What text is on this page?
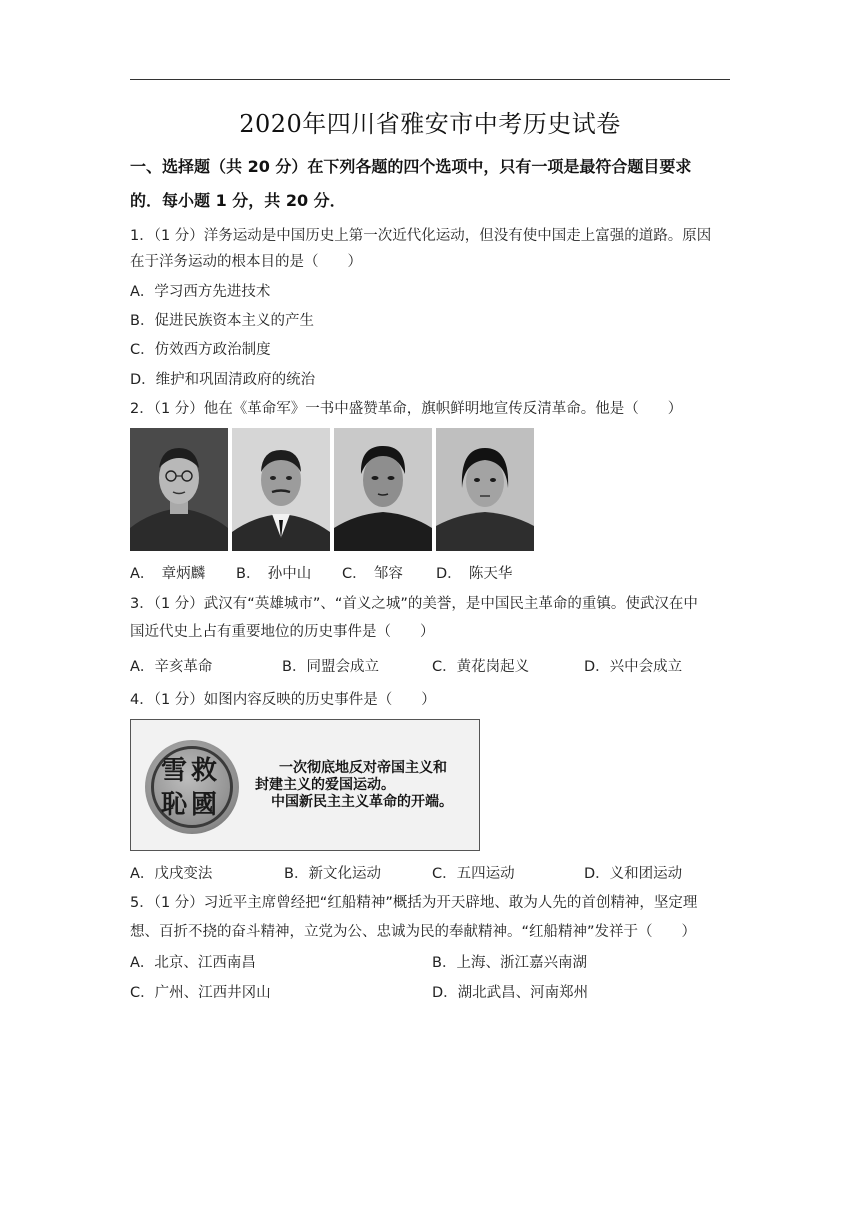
2020年四川省雅安市中考历史试卷
一、选择题（共 20 分）在下列各题的四个选项中，只有一项是最符合题目要求
的．每小题 1 分，共 20 分．
1．（1 分）洋务运动是中国历史上第一次近代化运动，但没有使中国走上富强的道路。原因
在于洋务运动的根本目的是（　　）
A．学习西方先进技术
B．促进民族资本主义的产生
C．仿效西方政治制度
D．维护和巩固清政府的统治
2．（1 分）他在《革命军》一书中盛赞革命，旗帜鲜明地宣传反清革命。他是（　　）
A．　章炳麟 B．　孙中山 C．　邹容 D．　陈天华
3．（1 分）武汉有“英雄城市”、“首义之城”的美誉，是中国民主革命的重镇。使武汉在中
国近代史上占有重要地位的历史事件是（　　）
A．辛亥革命	B．同盟会成立	C．黄花岗起义	D．兴中会成立
4．（1 分）如图内容反映的历史事件是（　　）
雪 救
恥 國
一次彻底地反对帝国主义和
封建主义的爱国运动。
中国新民主主义革命的开端。
A．戊戌变法	B．新文化运动	C．五四运动	D．义和团运动
5．（1 分）习近平主席曾经把“红船精神”概括为开天辟地、敢为人先的首创精神，坚定理
想、百折不挠的奋斗精神，立党为公、忠诚为民的奉献精神。“红船精神”发祥于（　　）
A．北京、江西南昌	B．上海、浙江嘉兴南湖
C．广州、江西井冈山	D．湖北武昌、河南郑州
